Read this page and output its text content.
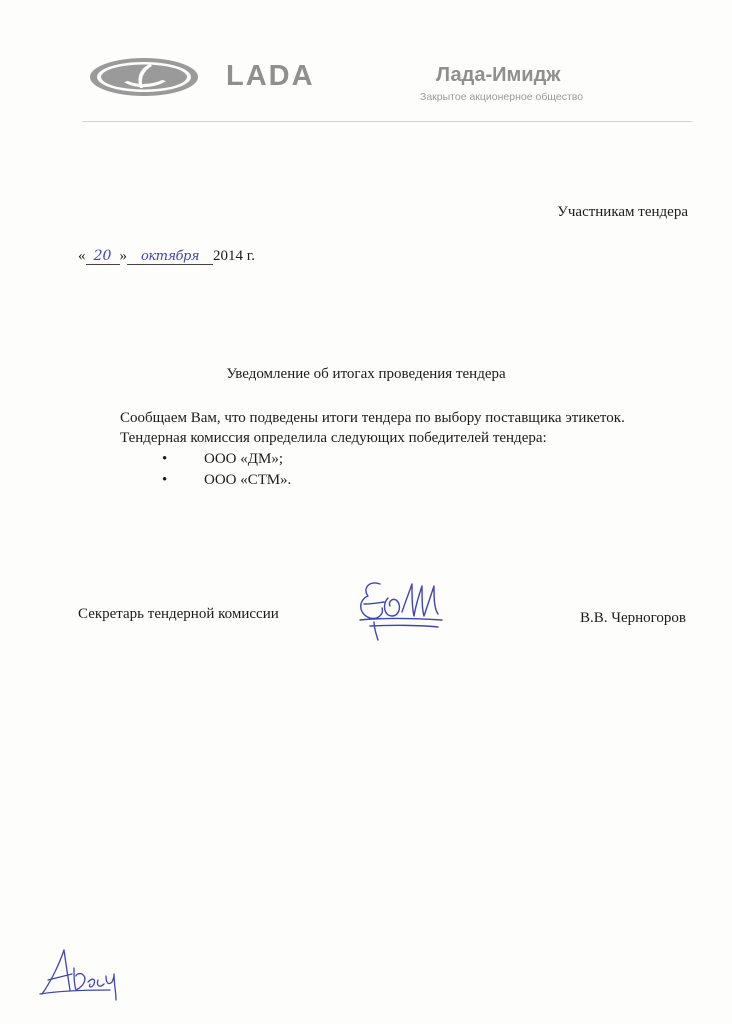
LADA	Лада-Имидж
Закрытое акционерное общество
Участникам тендера
« 20 » октября 2014 г.
Уведомление об итогах проведения тендера

Сообщаем Вам, что подведены итоги тендера по выбору поставщика этикеток.

Тендерная комиссия определила следующих победителей тендера:

• ООО «ДМ»;
• ООО «СТМ».
Секретарь тендерной комиссии	В.В. Черногоров
